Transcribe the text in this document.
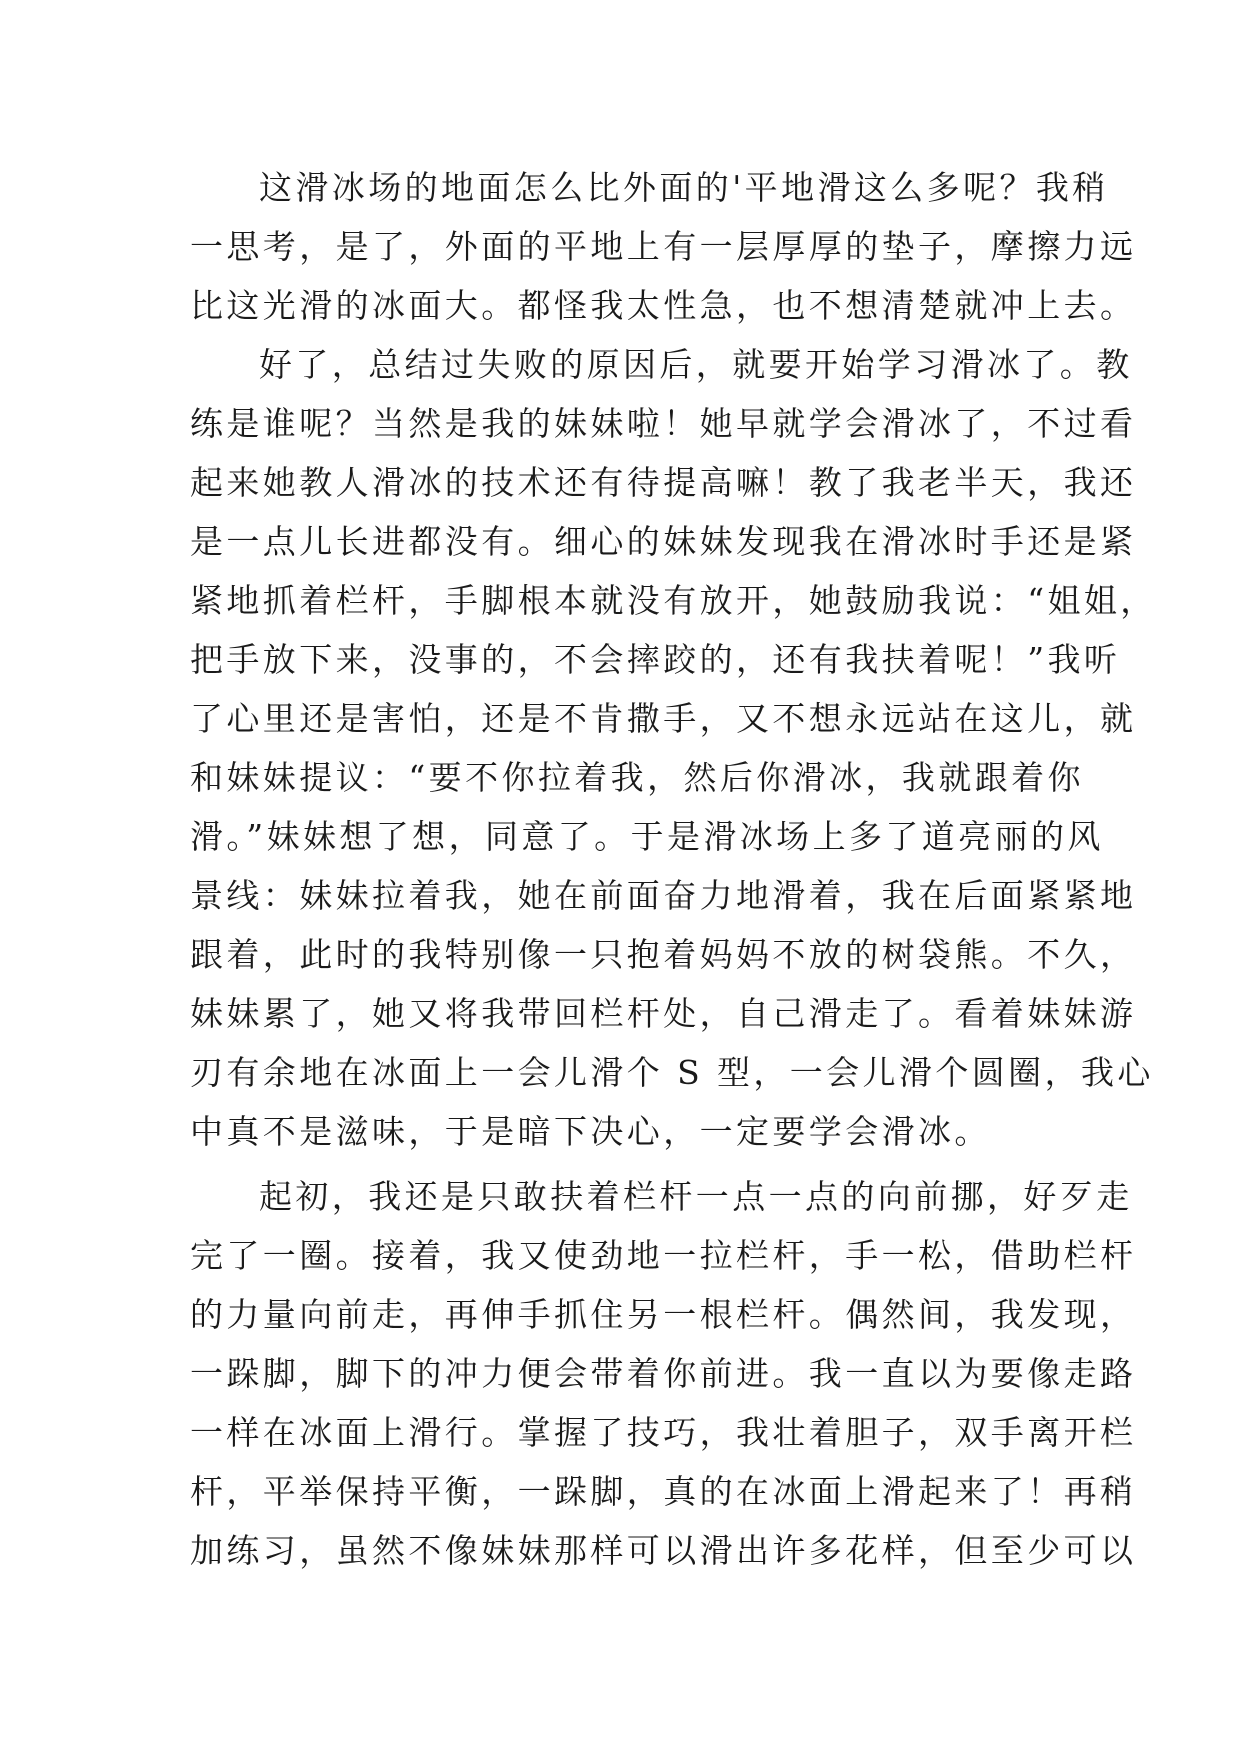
这滑冰场的地面怎么比外面的'平地滑这么多呢？我稍
一思考，是了，外面的平地上有一层厚厚的垫子，摩擦力远
比这光滑的冰面大。都怪我太性急，也不想清楚就冲上去。
好了，总结过失败的原因后，就要开始学习滑冰了。教
练是谁呢？当然是我的妹妹啦！她早就学会滑冰了，不过看
起来她教人滑冰的技术还有待提高嘛！教了我老半天，我还
是一点儿长进都没有。细心的妹妹发现我在滑冰时手还是紧
紧地抓着栏杆，手脚根本就没有放开，她鼓励我说：“姐姐，
把手放下来，没事的，不会摔跤的，还有我扶着呢！”我听
了心里还是害怕，还是不肯撒手，又不想永远站在这儿，就
和妹妹提议：“要不你拉着我，然后你滑冰，我就跟着你
滑。”妹妹想了想，同意了。于是滑冰场上多了道亮丽的风
景线：妹妹拉着我，她在前面奋力地滑着，我在后面紧紧地
跟着，此时的我特别像一只抱着妈妈不放的树袋熊。不久，
妹妹累了，她又将我带回栏杆处，自己滑走了。看着妹妹游
刃有余地在冰面上一会儿滑个 S 型，一会儿滑个圆圈，我心
中真不是滋味，于是暗下决心，一定要学会滑冰。
起初，我还是只敢扶着栏杆一点一点的向前挪，好歹走
完了一圈。接着，我又使劲地一拉栏杆，手一松，借助栏杆
的力量向前走，再伸手抓住另一根栏杆。偶然间，我发现，
一跺脚，脚下的冲力便会带着你前进。我一直以为要像走路
一样在冰面上滑行。掌握了技巧，我壮着胆子，双手离开栏
杆，平举保持平衡，一跺脚，真的在冰面上滑起来了！再稍
加练习，虽然不像妹妹那样可以滑出许多花样，但至少可以
